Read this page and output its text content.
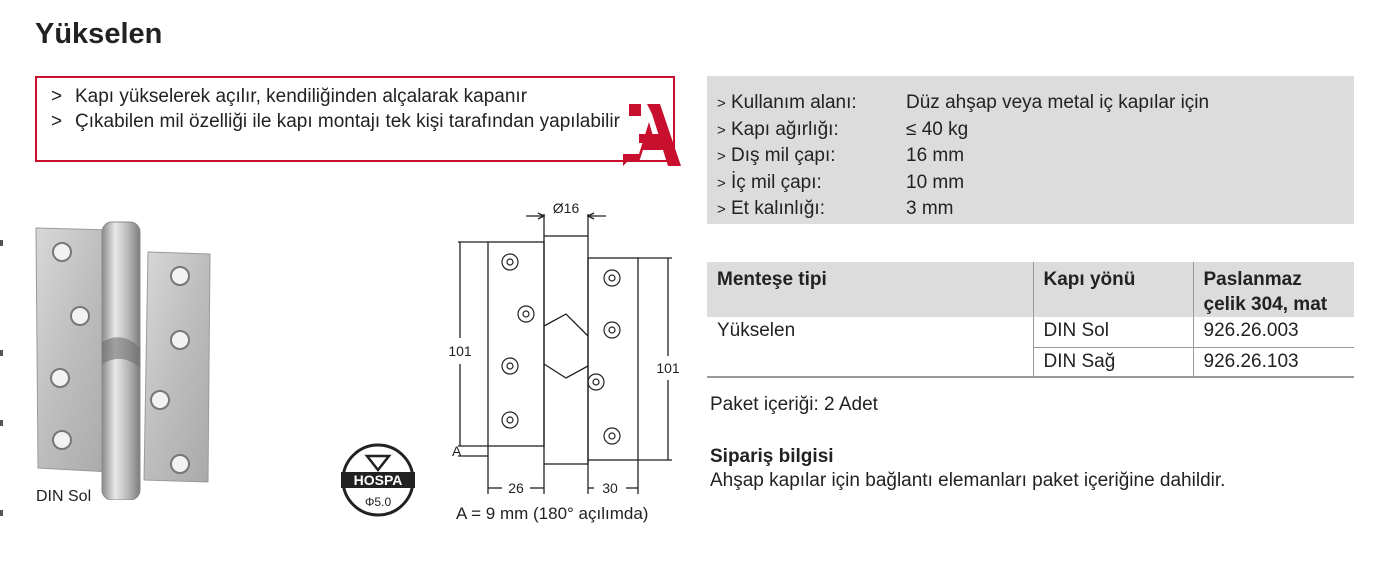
Yükselen
> Kapı yükselerek açılır, kendiliğinden alçalarak kapanır
> Çıkabilen mil özelliği ile kapı montajı tek kişi tarafından yapılabilir
DIN Sol
HOSPA
Φ5.0
Ø16
101
101
26	30
A
A = 9 mm (180° açılımda)
> Kullanım alanı:	Düz ahşap veya metal iç kapılar için
> Kapı ağırlığı:	≤ 40 kg
> Dış mil çapı:	16 mm
> İç mil çapı:	10 mm
> Et kalınlığı:	3 mm
Menteşe tipi	Kapı yönü	Paslanmaz çelik 304, mat
Yükselen	DIN Sol	926.26.003
	DIN Sağ	926.26.103
Paket içeriği: 2 Adet
Sipariş bilgisi
Ahşap kapılar için bağlantı elemanları paket içeriğine dahildir.
